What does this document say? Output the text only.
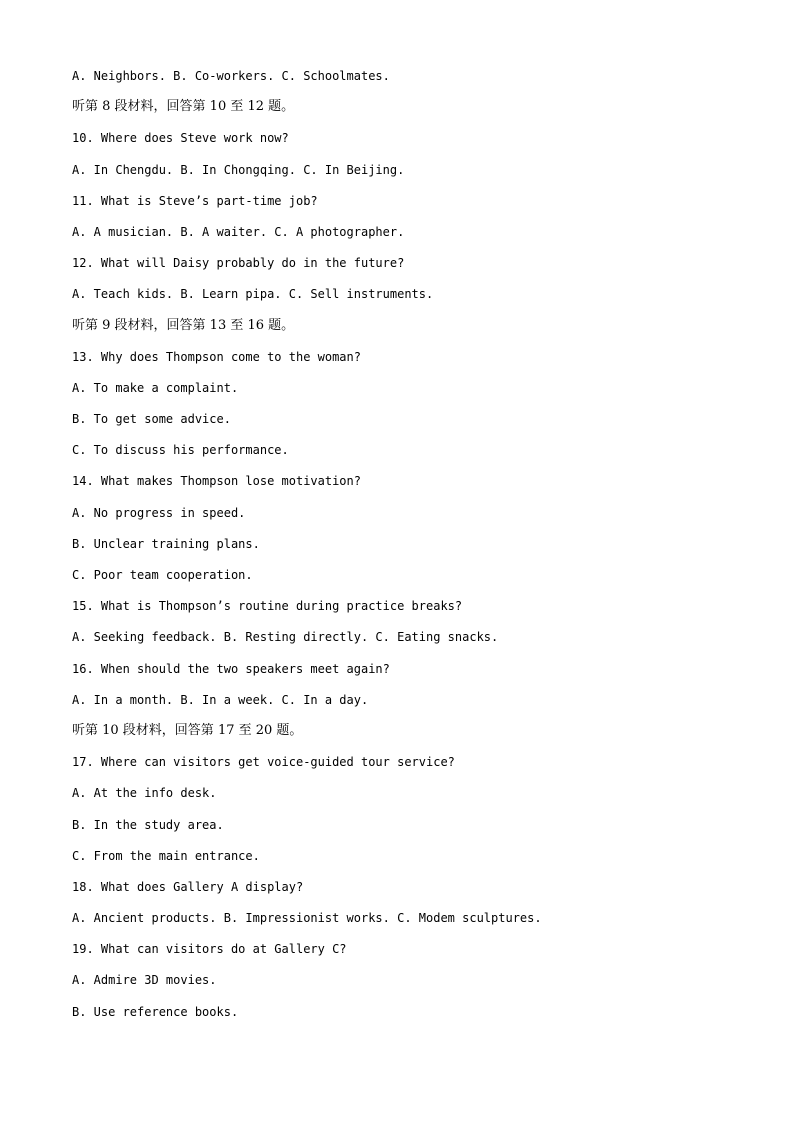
A. Neighbors. B. Co-workers. C. Schoolmates.
听第 8 段材料，回答第 10 至 12 题。
10. Where does Steve work now?
A. In Chengdu. B. In Chongqing. C. In Beijing.
11. What is Steve’s part-time job?
A. A musician. B. A waiter. C. A photographer.
12. What will Daisy probably do in the future?
A. Teach kids. B. Learn pipa. C. Sell instruments.
听第 9 段材料，回答第 13 至 16 题。
13. Why does Thompson come to the woman?
A. To make a complaint.
B. To get some advice.
C. To discuss his performance.
14. What makes Thompson lose motivation?
A. No progress in speed.
B. Unclear training plans.
C. Poor team cooperation.
15. What is Thompson’s routine during practice breaks?
A. Seeking feedback. B. Resting directly. C. Eating snacks.
16. When should the two speakers meet again?
A. In a month. B. In a week. C. In a day.
听第 10 段材料，回答第 17 至 20 题。
17. Where can visitors get voice-guided tour service?
A. At the info desk.
B. In the study area.
C. From the main entrance.
18. What does Gallery A display?
A. Ancient products. B. Impressionist works. C. Modem sculptures.
19. What can visitors do at Gallery C?
A. Admire 3D movies.
B. Use reference books.
